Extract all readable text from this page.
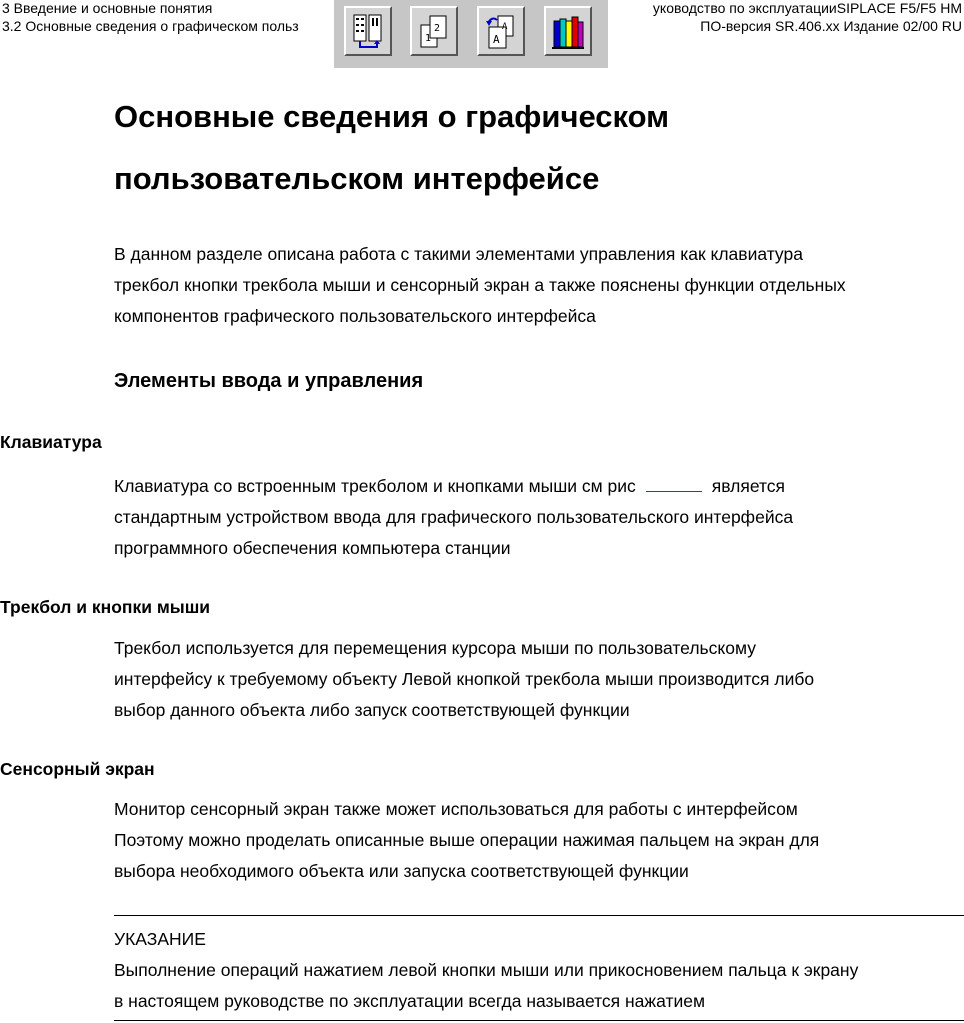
3 Введение и основные понятия
3.2 Основные сведения о графическом польз
уководство по эксплуатацииSIPLACE F5/F5 HM
ПО-версия SR.406.xx Издание 02/00 RU
2
1	A
A
Основные сведения о графическом
пользовательском интерфейсе
В данном разделе описана работа с такими элементами управления как клавиатура
трекбол кнопки трекбола мыши и сенсорный экран а также пояснены функции отдельных
компонентов графического пользовательского интерфейса
Элементы ввода и управления
Клавиатура
Клавиатура со встроенным трекболом и кнопками мыши см рис	является
стандартным устройством ввода для графического пользовательского интерфейса
программного обеспечения компьютера станции
Трекбол и кнопки мыши
Трекбол используется для перемещения курсора мыши по пользовательскому
интерфейсу к требуемому объекту Левой кнопкой трекбола мыши производится либо
выбор данного объекта либо запуск соответствующей функции
Сенсорный экран
Монитор сенсорный экран также может использоваться для работы с интерфейсом
Поэтому можно проделать описанные выше операции нажимая пальцем на экран для
выбора необходимого объекта или запуска соответствующей функции
УКАЗАНИЕ
Выполнение операций нажатием левой кнопки мыши или прикосновением пальца к экрану
в настоящем руководстве по эксплуатации всегда называется нажатием
